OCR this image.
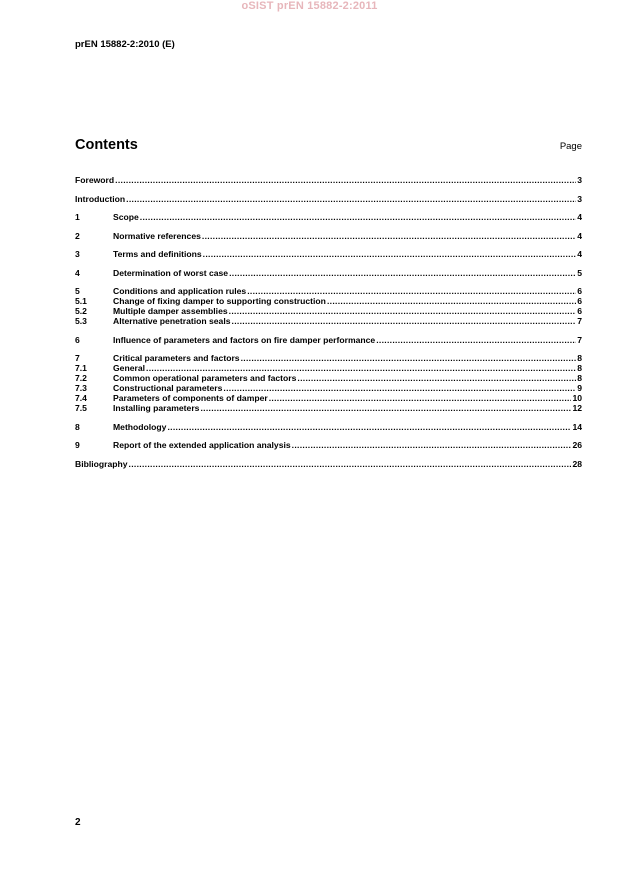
oSIST prEN 15882-2:2011
prEN 15882-2:2010 (E)
Contents	Page
Foreword .....	3
Introduction .....	3
1	Scope .....	4
2	Normative references .....	4
3	Terms and definitions .....	4
4	Determination of worst case .....	5
5	Conditions and application rules .....	6
5.1	Change of fixing damper to supporting construction .....	6
5.2	Multiple damper assemblies .....	6
5.3	Alternative penetration seals .....	7
6	Influence of parameters and factors on fire damper performance .....	7
7	Critical parameters and factors .....	8
7.1	General .....	8
7.2	Common operational parameters and factors .....	8
7.3	Constructional parameters .....	9
7.4	Parameters of components of damper .....	10
7.5	Installing parameters .....	12
8	Methodology .....	14
9	Report of the extended application analysis .....	26
Bibliography .....	28
2
